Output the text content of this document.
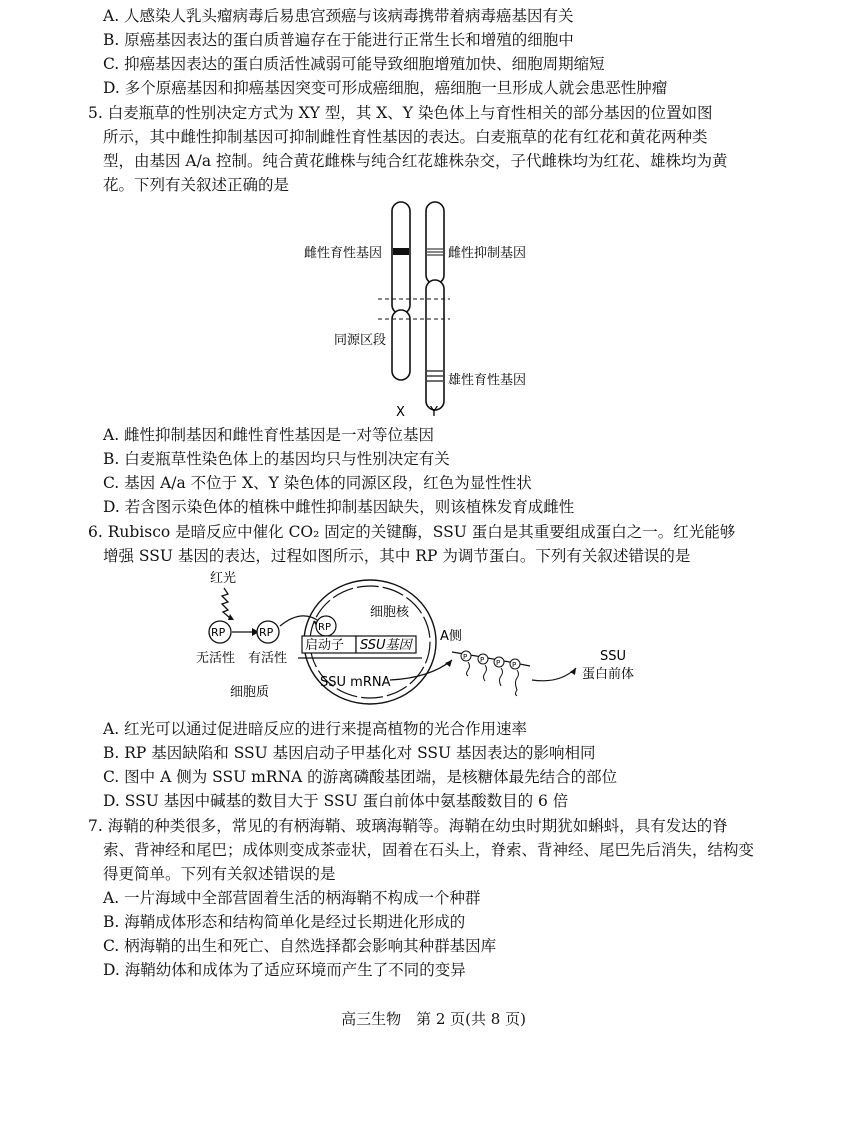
A. 人感染人乳头瘤病毒后易患宫颈癌与该病毒携带着病毒癌基因有关
B. 原癌基因表达的蛋白质普遍存在于能进行正常生长和增殖的细胞中
C. 抑癌基因表达的蛋白质活性减弱可能导致细胞增殖加快、细胞周期缩短
D. 多个原癌基因和抑癌基因突变可形成癌细胞，癌细胞一旦形成人就会患恶性肿瘤
5. 白麦瓶草的性别决定方式为 XY 型，其 X、Y 染色体上与育性相关的部分基因的位置如图
所示，其中雌性抑制基因可抑制雌性育性基因的表达。白麦瓶草的花有红花和黄花两种类
型，由基因 A/a 控制。纯合黄花雌株与纯合红花雄株杂交，子代雌株均为红花、雄株均为黄
花。下列有关叙述正确的是
雌性育性基因	雌性抑制基因
同源区段
雄性育性基因
X Y
A. 雌性抑制基因和雌性育性基因是一对等位基因
B. 白麦瓶草性染色体上的基因均只与性别决定有关
C. 基因 A/a 不位于 X、Y 染色体的同源区段，红色为显性性状
D. 若含图示染色体的植株中雌性抑制基因缺失，则该植株发育成雌性
6. Rubisco 是暗反应中催化 CO₂ 固定的关键酶，SSU 蛋白是其重要组成蛋白之一。红光能够
增强 SSU 基因的表达，过程如图所示，其中 RP 为调节蛋白。下列有关叙述错误的是
红光
RP	RP
无活性 有活性
细胞核
RP
启动子 SSU基因
SSU mRNA
A侧
P P P P
SSU
蛋白前体
细胞质
A. 红光可以通过促进暗反应的进行来提高植物的光合作用速率
B. RP 基因缺陷和 SSU 基因启动子甲基化对 SSU 基因表达的影响相同
C. 图中 A 侧为 SSU mRNA 的游离磷酸基团端，是核糖体最先结合的部位
D. SSU 基因中碱基的数目大于 SSU 蛋白前体中氨基酸数目的 6 倍
7. 海鞘的种类很多，常见的有柄海鞘、玻璃海鞘等。海鞘在幼虫时期犹如蝌蚪，具有发达的脊
索、背神经和尾巴；成体则变成茶壶状，固着在石头上，脊索、背神经、尾巴先后消失，结构变
得更简单。下列有关叙述错误的是
A. 一片海域中全部营固着生活的柄海鞘不构成一个种群
B. 海鞘成体形态和结构简单化是经过长期进化形成的
C. 柄海鞘的出生和死亡、自然选择都会影响其种群基因库
D. 海鞘幼体和成体为了适应环境而产生了不同的变异
高三生物　第 2 页(共 8 页)
